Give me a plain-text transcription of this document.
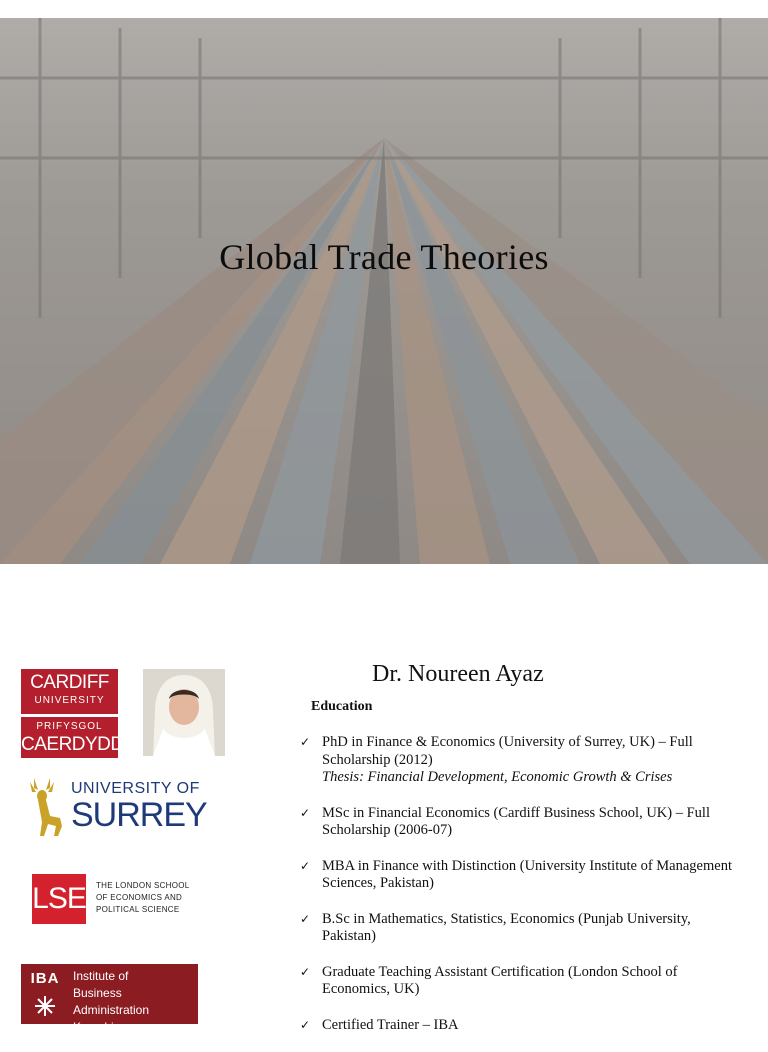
Global Trade Theories
CARDIFF
UNIVERSITY
PRIFYSGOL
CAERDYDD
UNIVERSITY OF
SURREY
LSE THE LONDON SCHOOL
OF ECONOMICS AND
POLITICAL SCIENCE
IBA	Institute of
Business Administration
Karachi
Dr. Noureen Ayaz
Education
✓ PhD in Finance & Economics (University of Surrey, UK) – Full Scholarship (2012)
Thesis: Financial Development, Economic Growth & Crises
✓ MSc in Financial Economics (Cardiff Business School, UK) – Full Scholarship (2006-07)
✓ MBA in Finance with Distinction (University Institute of Management Sciences, Pakistan)
✓ B.Sc in Mathematics, Statistics, Economics (Punjab University, Pakistan)
✓ Graduate Teaching Assistant Certification (London School of Economics, UK)
✓ Certified Trainer – IBA
